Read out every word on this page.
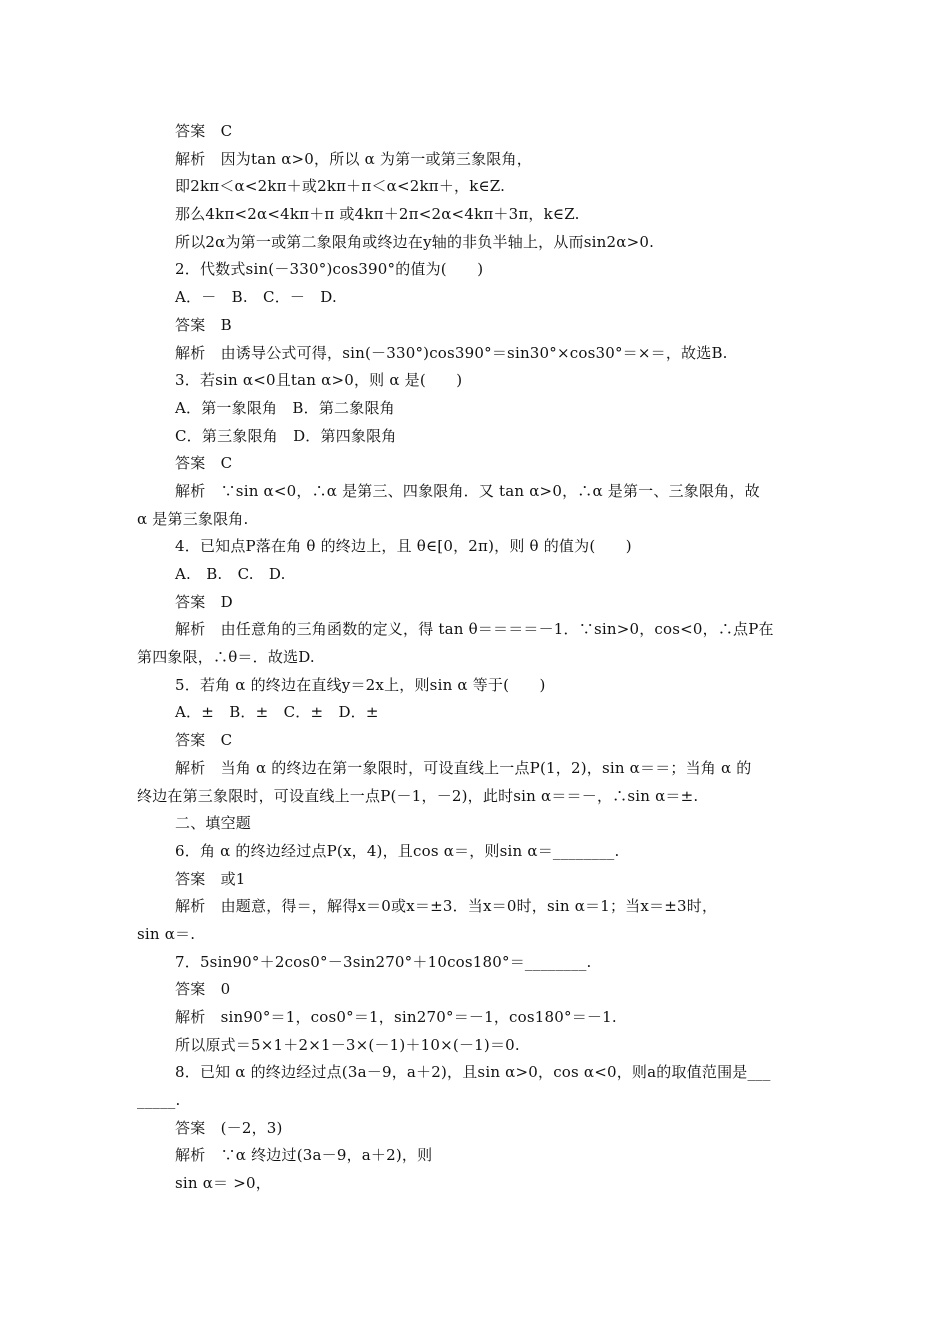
答案　C
解析　因为tan α>0，所以 α 为第一或第三象限角，
即2kπ＜α<2kπ＋或2kπ＋π＜α<2kπ＋，k∈Z.
那么4kπ<2α<4kπ＋π 或4kπ＋2π<2α<4kπ＋3π，k∈Z.
所以2α为第一或第二象限角或终边在y轴的非负半轴上，从而sin2α>0.
2．代数式sin(－330°)cos390°的值为(　　)
A．－　B.　C．－　D.
答案　B
解析　由诱导公式可得，sin(－330°)cos390°＝sin30°×cos30°＝×＝，故选B.
3．若sin α<0且tan α>0，则 α 是(　　)
A．第一象限角　B．第二象限角
C．第三象限角　D．第四象限角
答案　C
解析　∵sin α<0，∴α 是第三、四象限角．又 tan α>0，∴α 是第一、三象限角，故
α 是第三象限角.
4．已知点P落在角 θ 的终边上，且 θ∈[0，2π)，则 θ 的值为(　　)
A.　B.　C.　D.
答案　D
解析　由任意角的三角函数的定义，得 tan θ＝＝＝＝－1．∵sin>0，cos<0，∴点P在
第四象限，∴θ＝．故选D.
5．若角 α 的终边在直线y＝2x上，则sin α 等于(　　)
A．±　B．±　C．±　D．±
答案　C
解析　当角 α 的终边在第一象限时，可设直线上一点P(1，2)，sin α＝＝；当角 α 的
终边在第三象限时，可设直线上一点P(－1，－2)，此时sin α＝＝－，∴sin α＝±.
二、填空题
6．角 α 的终边经过点P(x，4)，且cos α＝，则sin α＝________.
答案　或1
解析　由题意，得＝，解得x＝0或x＝±3．当x＝0时，sin α＝1；当x＝±3时，
sin α＝.
7．5sin90°＋2cos0°－3sin270°＋10cos180°＝________.
答案　0
解析　sin90°＝1，cos0°＝1，sin270°＝－1，cos180°＝－1.
所以原式＝5×1＋2×1－3×(－1)＋10×(－1)＝0.
8．已知 α 的终边经过点(3a－9，a＋2)，且sin α>0，cos α<0，则a的取值范围是___
_____.
答案　(－2，3)
解析　∵α 终边过(3a－9，a＋2)，则
sin α＝ >0，
